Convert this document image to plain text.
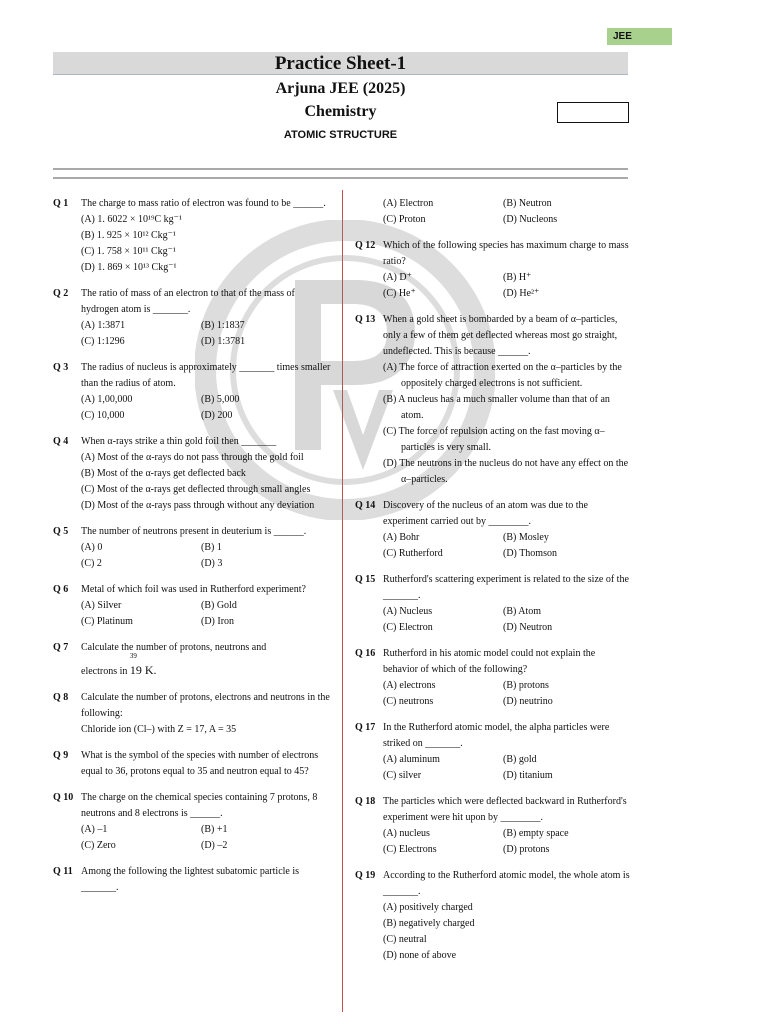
JEE
Practice Sheet-1
Arjuna JEE (2025)
Chemistry
ATOMIC STRUCTURE
Q 1	The charge to mass ratio of electron was found to be ______.
(A) 1. 6022 × 10¹⁹C kg⁻¹
(B) 1. 925 × 10¹² Ckg⁻¹
(C) 1. 758 × 10¹¹ Ckg⁻¹
(D) 1. 869 × 10¹³ Ckg⁻¹
Q 2	The ratio of mass of an electron to that of the mass of hydrogen atom is _______.
(A) 1:3871	(B) 1:1837
(C) 1:1296	(D) 1:3781
Q 3	The radius of nucleus is approximately _______ times smaller than the radius of atom.
(A) 1,00,000	(B) 5,000
(C) 10,000	(D) 200
Q 4	When α-rays strike a thin gold foil then _______
(A) Most of the α-rays do not pass through the gold foil
(B) Most of the α-rays get deflected back
(C) Most of the α-rays get deflected through small angles
(D) Most of the α-rays pass through without any deviation
Q 5	The number of neutrons present in deuterium is ______.
(A) 0	(B) 1
(C) 2	(D) 3
Q 6	Metal of which foil was used in Rutherford experiment?
(A) Silver	(B) Gold
(C) Platinum	(D) Iron
Q 7	Calculate the number of protons, neutrons and
electrons in
39
19 K.
Q 8	Calculate the number of protons, electrons and neutrons in the following:
Chloride ion (Cl–) with Z = 17, A = 35
Q 9	What is the symbol of the species with number of electrons equal to 36, protons equal to 35 and neutron equal to 45?
Q 10 The charge on the chemical species containing 7 protons, 8 neutrons and 8 electrons is ______.
(A) –1	(B) +1
(C) Zero	(D) –2
Q 11 Among the following the lightest subatomic particle is _______.
(A) Electron	(B) Neutron
(C) Proton	(D) Nucleons
Q 12 Which of the following species has maximum charge to mass ratio?
(A) D⁺	(B) H⁺
(C) He⁺	(D) He²⁺
Q 13 When a gold sheet is bombarded by a beam of α–particles, only a few of them get deflected whereas most go straight, undeflected. This is because ______.
(A) The force of attraction exerted on the α–particles by the oppositely charged electrons is not sufficient.
(B) A nucleus has a much smaller volume than that of an atom.
(C) The force of repulsion acting on the fast moving α–particles is very small.
(D) The neutrons in the nucleus do not have any effect on the α–particles.
Q 14 Discovery of the nucleus of an atom was due to the experiment carried out by ________.
(A) Bohr	(B) Mosley
(C) Rutherford	(D) Thomson
Q 15 Rutherford's scattering experiment is related to the size of the _______.
(A) Nucleus	(B) Atom
(C) Electron	(D) Neutron
Q 16 Rutherford in his atomic model could not explain the behavior of which of the following?
(A) electrons	(B) protons
(C) neutrons	(D) neutrino
Q 17 In the Rutherford atomic model, the alpha particles were striked on _______.
(A) aluminum	(B) gold
(C) silver	(D) titanium
Q 18 The particles which were deflected backward in Rutherford's experiment were hit upon by ________.
(A) nucleus	(B) empty space
(C) Electrons	(D) protons
Q 19 According to the Rutherford atomic model, the whole atom is _______.
(A) positively charged
(B) negatively charged
(C) neutral
(D) none of above
